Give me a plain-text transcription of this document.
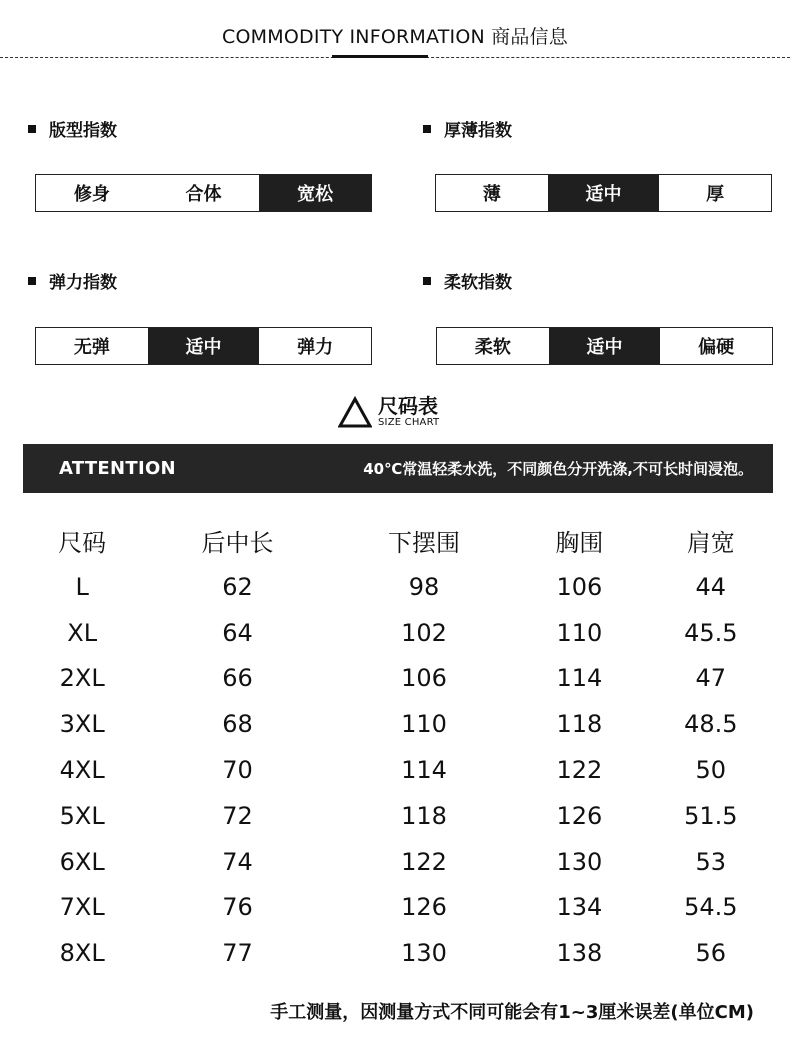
COMMODITY INFORMATION 商品信息
版型指数
修身	合体	宽松
厚薄指数
薄	适中	厚
弹力指数
无弹	适中	弹力
柔软指数
柔软	适中	偏硬
尺码表
SIZE CHART
ATTENTION	40℃常温轻柔水洗，不同颜色分开洗涤,不可长时间浸泡。
尺码	后中长	下摆围	胸围	肩宽
L	62	98	106	44
XL	64	102	110	45.5
2XL	66	106	114	47
3XL	68	110	118	48.5
4XL	70	114	122	50
5XL	72	118	126	51.5
6XL	74	122	130	53
7XL	76	126	134	54.5
8XL	77	130	138	56
手工测量，因测量方式不同可能会有1~3厘米误差(单位CM)
